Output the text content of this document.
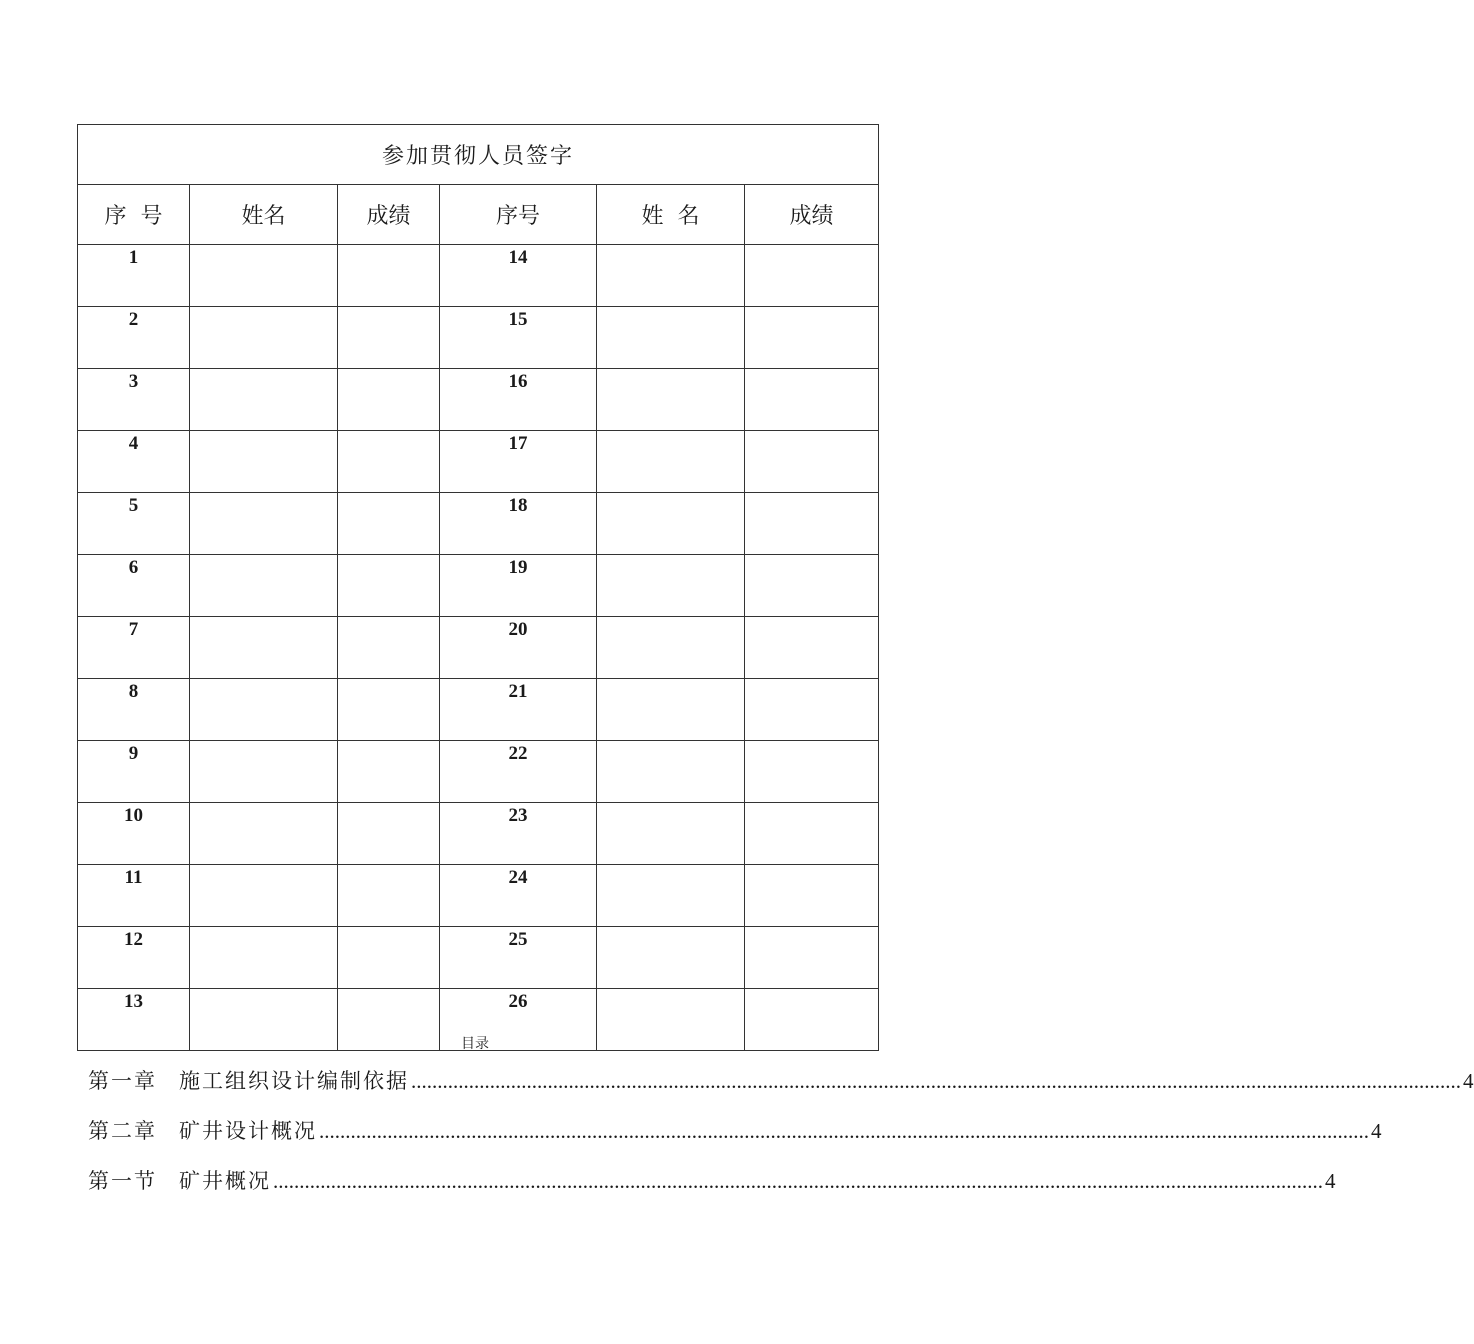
参加贯彻人员签字					
序  号	姓名	成绩	序号	姓  名	成绩
1			14		
2			15		
3			16		
4			17		
5			18		
6			19		
7			20		
8			21		
9			22		
10			23		
11			24		
12			25		
13			26		
目录
第一章 施工组织设计编制依据 ........................................................................................................................................................................................................ 4
第二章 矿井设计概况 ........................................................................................................................................................................................................ 4
第一节 矿井概况 ........................................................................................................................................................................................................ 4
